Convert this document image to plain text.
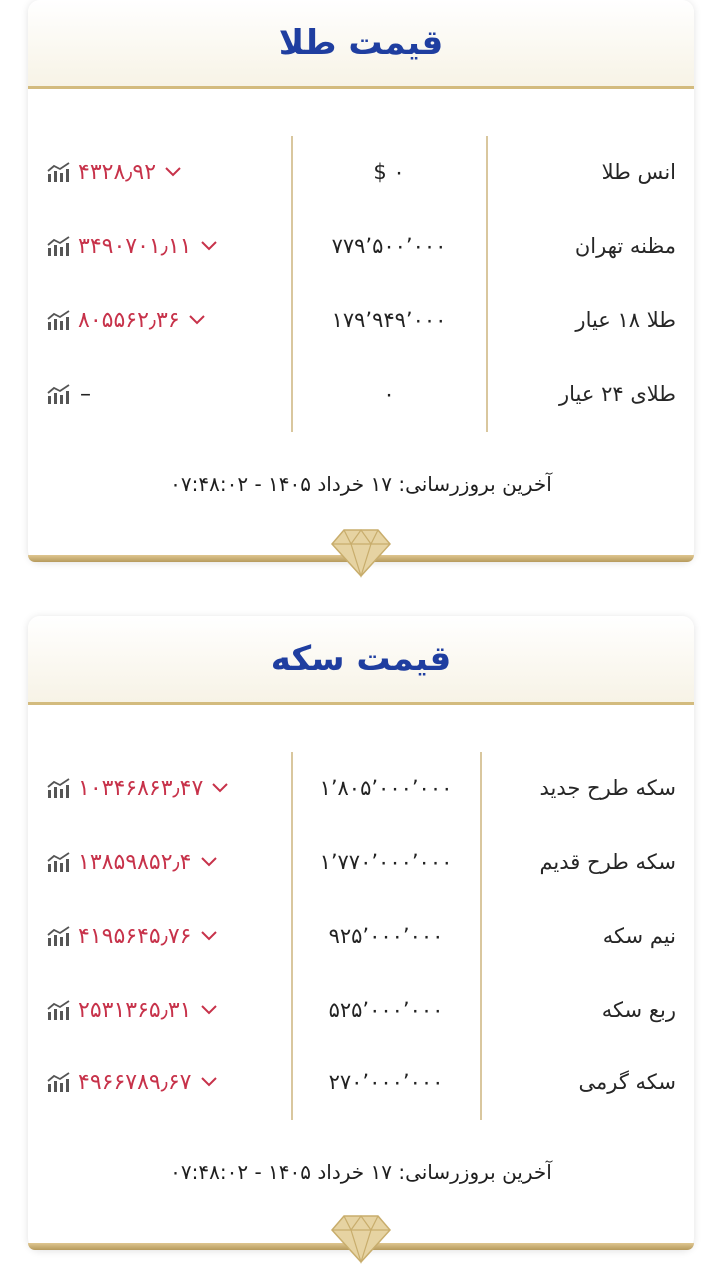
قیمت طلا
انس طلا
۰ $
۴۳۲۸٫۹۲
مظنه تهران
۷۷۹٬۵۰۰٬۰۰۰
۳۴۹۰۷۰۱٫۱۱
طلا ۱۸ عیار
۱۷۹٬۹۴۹٬۰۰۰
۸۰۵۵۶۲٫۳۶
طلای ۲۴ عیار
۰
–
آخرین بروزرسانی: ۱۷ خرداد ۱۴۰۵ - ۰۷:۴۸:۰۲
قیمت سکه
سکه طرح جدید
۱٬۸۰۵٬۰۰۰٬۰۰۰
۱۰۳۴۶۸۶۳٫۴۷
سکه طرح قدیم
۱٬۷۷۰٬۰۰۰٬۰۰۰
۱۳۸۵۹۸۵۲٫۴
نیم سکه
۹۲۵٬۰۰۰٬۰۰۰
۴۱۹۵۶۴۵٫۷۶
ربع سکه
۵۲۵٬۰۰۰٬۰۰۰
۲۵۳۱۳۶۵٫۳۱
سکه گرمی
۲۷۰٬۰۰۰٬۰۰۰
۴۹۶۶۷۸۹٫۶۷
آخرین بروزرسانی: ۱۷ خرداد ۱۴۰۵ - ۰۷:۴۸:۰۲
